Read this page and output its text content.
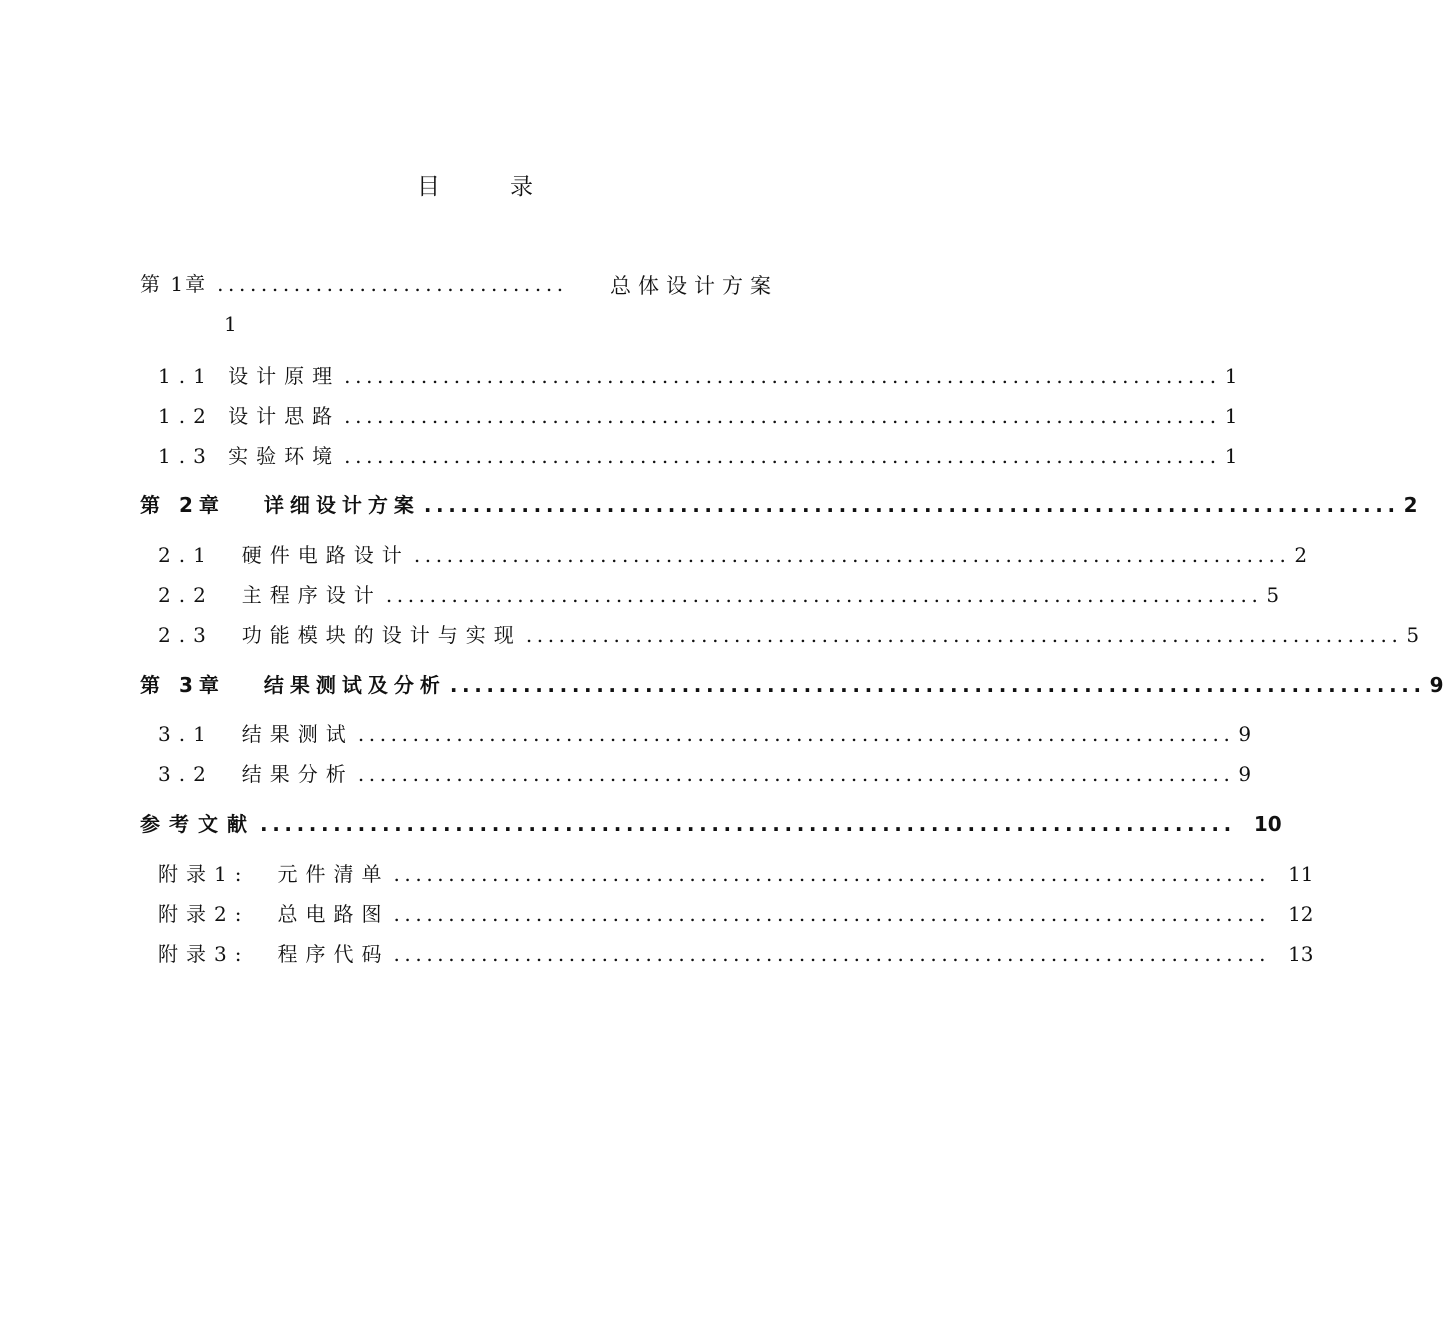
目	录
第 1章 ................................	总体设计方案
1
1.1 设计原理 ................................................................................ 1
1.2 设计思路 ................................................................................ 1
1.3 实验环境 ................................................................................ 1
第 2章　 详细设计方案 ................................................................................ 2
2.1　硬件电路设计 ................................................................................ 2
2.2　主程序设计 ................................................................................ 5
2.3　功能模块的设计与实现 ................................................................................ 5
第 3章　 结果测试及分析 ................................................................................ 9
3.1　结果测试 ................................................................................ 9
3.2　结果分析 ................................................................................ 9
参考文献 ................................................................................ 10
附录1:　元件清单 ................................................................................ 11
附录2:　总电路图 ................................................................................ 12
附录3:　程序代码 ................................................................................ 13
